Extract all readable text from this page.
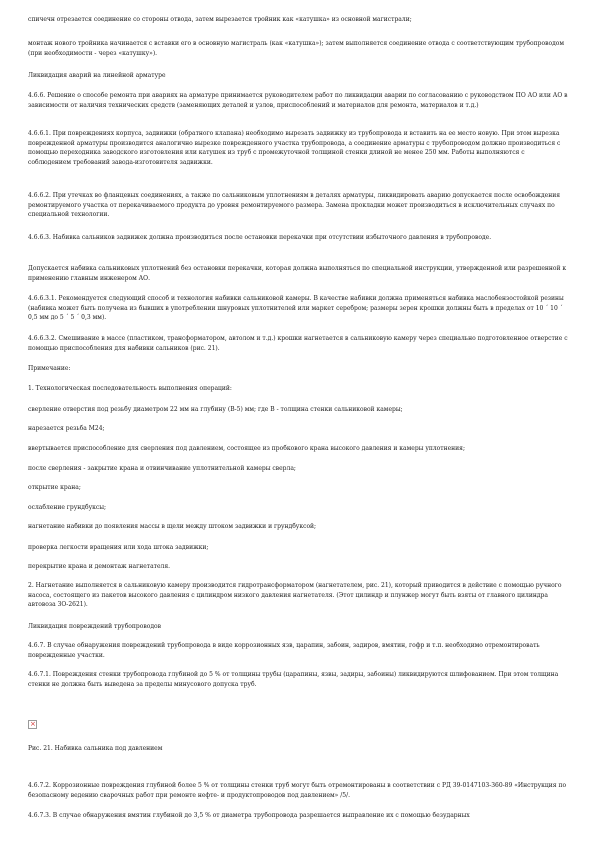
спичечн отрезается соединение со стороны отвода, затем вырезается тройник как «катушка» из основной магистрали;

монтаж нового тройника начинается с вставки его в основную магистраль (как «катушка»); затем выполняется соединение отвода с соответствующим трубопроводом (при необходимости - через «катушку»).

Ликвидация аварий на линейной арматуре

4.6.6. Решение о способе ремонта при авариях на арматуре принимается руководителем работ по ликвидации аварии по согласованию с руководством ПО АО или АО в зависимости от наличия технических средств (заменяющих деталей и узлов, приспособлений и материалов для ремонта, материалов и т.д.)

4.6.6.1. При повреждениях корпуса, задвижки (обратного клапана) необходимо вырезать задвижку из трубопровода и вставить на ее место новую. При этом вырезка поврежденной арматуры производится аналогично вырезке поврежденного участка трубопровода, а соединение арматуры с трубопроводом должно производиться с помощью переходника заводского изготовления или катушек из труб с промежуточной толщиной стенки длиной не менее 250 мм. Работы выполняются с соблюдением требований завода-изготовителя задвижки.

4.6.6.2. При утечках во фланцевых соединениях, а также по сальниковым уплотнениям в деталях арматуры, ликвидировать аварию допускается после освобождения ремонтируемого участка от перекачиваемого продукта до уровня ремонтируемого размера. Замена прокладки может производиться в исключительных случаях по специальной технологии.

4.6.6.3. Набивка сальников задвижек должна производиться после остановки перекачки при отсутствии избыточного давления в трубопроводе.

Допускается набивка сальниковых уплотнений без остановки перекачки, которая должна выполняться по специальной инструкции, утвержденной или разрешенной к применению главным инженером АО.

4.6.6.3.1. Рекомендуется следующий способ и технология набивки сальниковой камеры. В качестве набивки должна применяться набивка маслобензостойкой резины (набивка может быть получена из бывших в употреблении шнуровых уплотнителей или маркет серебром; размеры зерен крошки должны быть в пределах от 10 ´ 10 ´ 0,5 мм до 5 ´ 5 ´ 0,3 мм).

4.6.6.3.2. Смешивание в массе (пластиком, трансформатором, автолом и т.д.) крошки нагнетается в сальниковую камеру через специально подготовленное отверстие с помощью приспособления для набивки сальников (рис. 21).

Примечание:

1. Технологическая последовательность выполнения операций:

сверление отверстия под резьбу диаметром 22 мм на глубину (В-5) мм; где В - толщина стенки сальниковой камеры;

нарезается резьба М24;

ввертывается приспособление для сверления под давлением, состоящее из пробкового крана высокого давления и камеры уплотнения;

после сверления - закрытие крана и отвинчивание уплотнительной камеры сверла;

открытие крана;

ослабление грундбуксы;

нагнетание набивки до появления массы в щели между штоком задвижки и грундбуксой;

проверка легкости вращения или хода штока задвижки;

перекрытие крана и демонтаж нагнетателя.

2. Нагнетание выполняется в сальниковую камеру производится гидротрансформатором (нагнетателем, рис. 21), который приводится в действие с помощью ручного насоса, состоящего из пакетов высокого давления с цилиндром низкого давления нагнетателя. (Этот цилиндр и плунжер могут быть взяты от главного цилиндра автовоза ЗО-2621).

Ликвидация повреждений трубопроводов

4.6.7. В случае обнаружения повреждений трубопровода в виде коррозионных язв, царапин, забоин, задиров, вмятин, гофр и т.п. необходимо отремонтировать поврежденные участки.

4.6.7.1. Повреждения стенки трубопровода глубиной до 5 % от толщины трубы (царапины, язвы, задиры, забоины) ликвидируются шлифованием. При этом толщина стенки не должна быть выведена за пределы минусового допуска труб.

×

Рис. 21. Набивка сальника под давлением

4.6.7.2. Коррозионные повреждения глубиной более 5 % от толщины стенки труб могут быть отремонтированы в соответствии с РД 39-0147103-360-89 «Инструкция по безопасному ведению сварочных работ при ремонте нефте- и продуктопроводов под давлением» /5/.

4.6.7.3. В случае обнаружения вмятин глубиной до 3,5 % от диаметра трубопровода разрешается выправление их с помощью безударных
